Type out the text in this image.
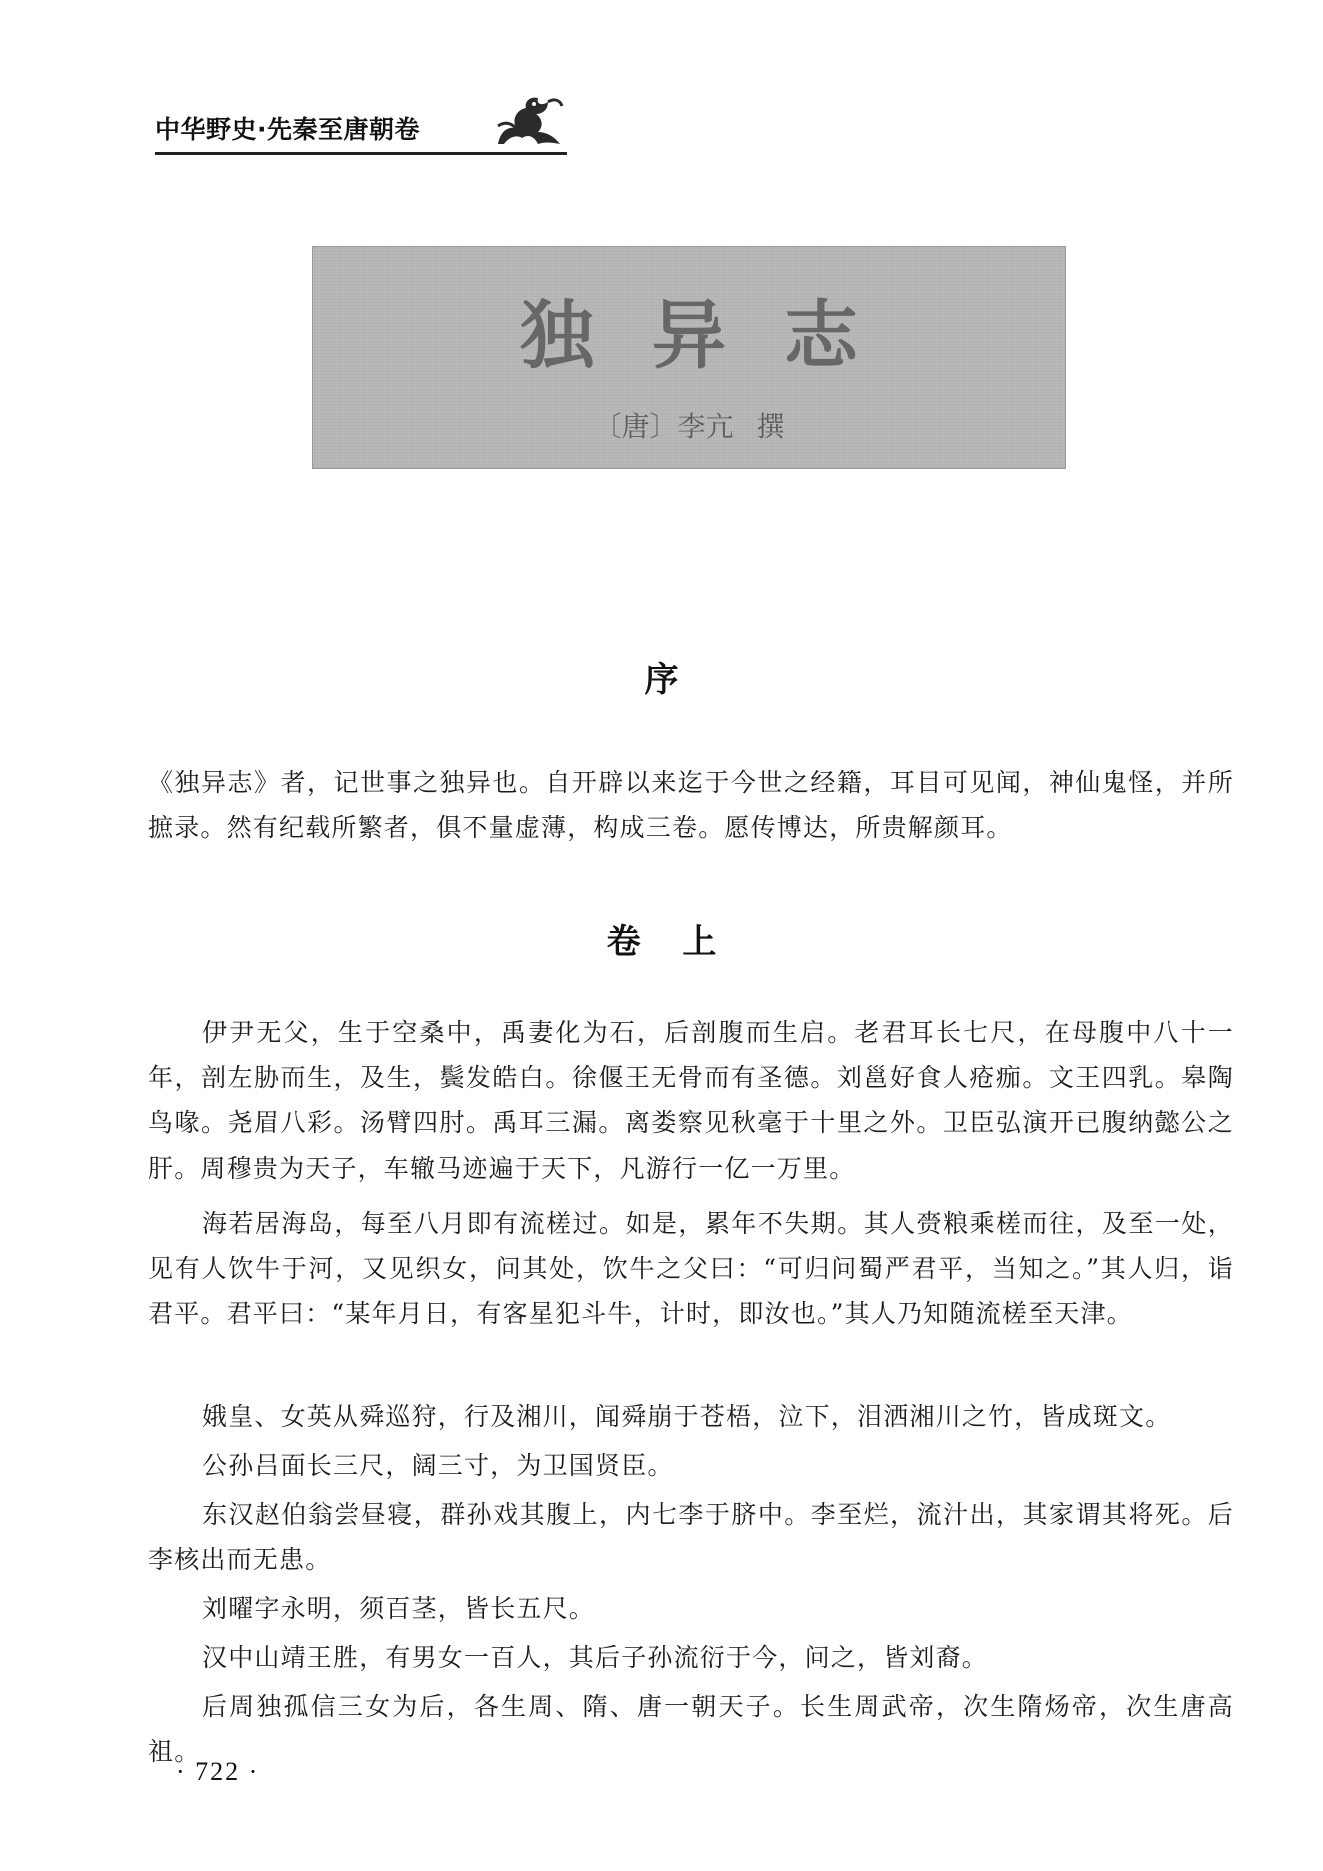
中华野史·先秦至唐朝卷
独异志
〔唐〕李亢 撰
序

《独异志》者，记世事之独异也。自开辟以来迄于今世之经籍，耳目可见闻，神仙鬼怪，并所摭录。然有纪载所繁者，俱不量虚薄，构成三卷。愿传博达，所贵解颜耳。

卷 上

伊尹无父，生于空桑中，禹妻化为石，后剖腹而生启。老君耳长七尺，在母腹中八十一年，剖左胁而生，及生，鬓发皓白。徐偃王无骨而有圣德。刘邕好食人疮痂。文王四乳。皋陶鸟喙。尧眉八彩。汤臂四肘。禹耳三漏。离娄察见秋毫于十里之外。卫臣弘演开已腹纳懿公之肝。周穆贵为天子，车辙马迹遍于天下，凡游行一亿一万里。

海若居海岛，每至八月即有流槎过。如是，累年不失期。其人赍粮乘槎而往，及至一处，见有人饮牛于河，又见织女，问其处，饮牛之父曰：“可归问蜀严君平，当知之。”其人归，诣君平。君平曰：“某年月日，有客星犯斗牛，计时，即汝也。”其人乃知随流槎至天津。

娥皇、女英从舜巡狩，行及湘川，闻舜崩于苍梧，泣下，泪洒湘川之竹，皆成斑文。

公孙吕面长三尺，阔三寸，为卫国贤臣。

东汉赵伯翁尝昼寝，群孙戏其腹上，内七李于脐中。李至烂，流汁出，其家谓其将死。后李核出而无患。

刘曜字永明，须百茎，皆长五尺。

汉中山靖王胜，有男女一百人，其后子孙流衍于今，问之，皆刘裔。

后周独孤信三女为后，各生周、隋、唐一朝天子。长生周武帝，次生隋炀帝，次生唐高祖。

· 722 ·
